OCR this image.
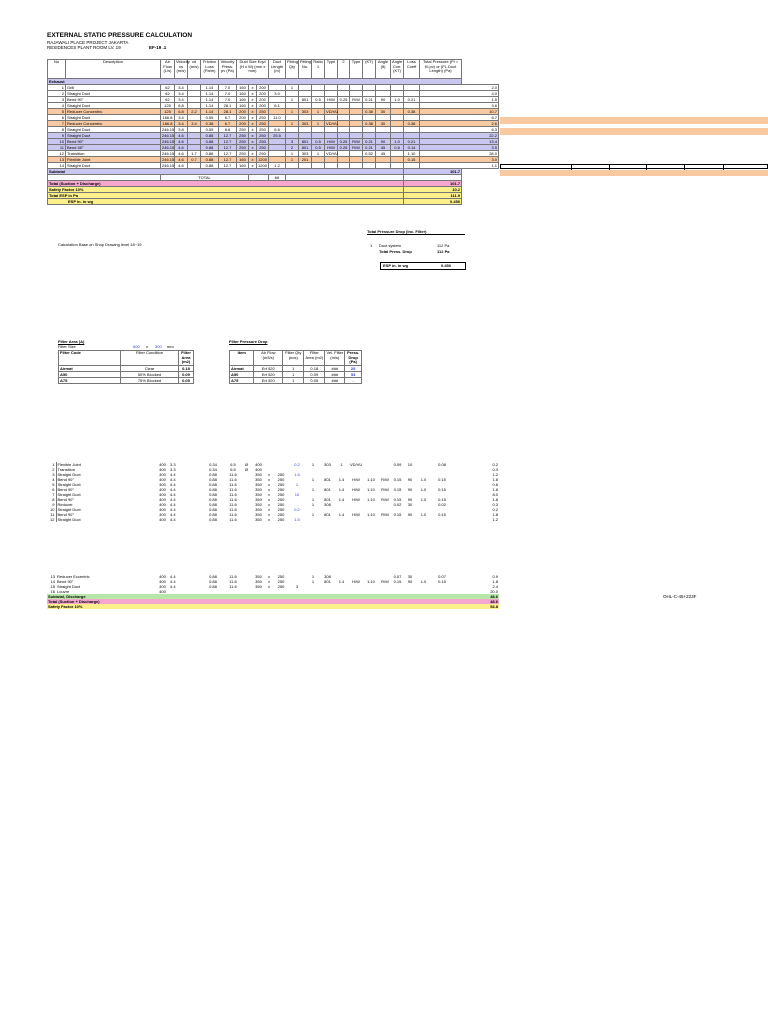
EXTERNAL STATIC PRESSURE CALCULATION
RAJAWALI PLACE PROJECT JAKARTA
RESIDENCES PLANT ROOM LV. 19	EF-19 .1
No	Description	Air Flow (L/s)	Velocity vs (m/s)	vd (m/s)	Friction Loss (Pa/m)	Velocity Press. pv (Pa)	Duct Size Eqvl (H x W) (mm x mm)			Duct Length (m)	Fitting Qty	Fitting No.	Ratio 1	Type	2	Type	(KT)	Angle (θ)	Angle Corr. (KT)	Loss Coeff	Total Pressure (Pl = Kl.pv) or (FL.Duct Length) (Pa)
Exhaust																					
1	Grill	62	3.4		1.14	7.0	160	x	200		1										2.0
2	Straight Duct	62	3.4		1.14	7.0	160	x	200	3.0											4.0
3	Bend 90°	62	3.4		1.14	7.0	160	x	200		1	801	0.5	H/W	0.25	R/W	0.21	90	1.0	0.21	1.5
4	Straight Duct	125	6.8		1.14	28.1	160	x	200	6.1											3.6
5	Reducer Concentric	125	6.8	2.2	1.14	28.1	200	x	250		1	303	1	VD/VU			0.38	30		0.38	10.7
6	Straight Duct	166.8	3.4		0.55	6.7	200	x	250	11.0											6.7
7	Reducer Concentric	166.8	3.4	3.4	0.38	6.7	200	x	250		1	303	1	VD/VU			0.38	30		0.38	2.6
8	Straight Duct	246.15	3.8		0.55	8.6	250	x	250	6.6											6.3
9	Straight Duct	246.15	4.6		0.88	12.7	250	x	250	25.5											22.2
10	Bend 90°	246.15	4.6		0.88	12.7	250	x	250		3	801	0.5	H/W	0.25	R/W	0.21	90	1.0	0.21	13.4
11	Bend 45°	246.15	4.6		0.88	12.7	250	x	250		2	801	0.5	H/W	0.25	R/W	0.21	45	0.6	0.14	3.5
12	Transition	246.15	4.6	1.7	0.88	12.7	250	x	250		1	303	1	VD/VU			0.52	45		1.10	28.0
13	Flexible Joint	246.15	4.6	0.7	0.88	12.7	160	x	1200		1	201								0.15	3.0
14	Straight Duct	246.15	4.6		0.88	12.7	160	x	1200	1.2											1.1
Subtotal																				101.7	
		TOTAL								66											
Total (Suction + Discharge)																				101.7	
Safety Factor 10%																				10.2	
Total ESP in Pa																				111.9	
ESP in. in wg																				0.450	
Calculation Base on Shop Drawing level 18~19
Total Pressure Drop (Inc. Filter)
1 Duct system	112 Pa
Total Press. Drop	112 Pa
ESP in. in wg	0.450
Filter Area (A)
Filter Size	600 x 300 mm
Filter Code	Filter Condition	Filter Area (m2)
Airmat	Clear	0.18
A50	50% Blocked	0.09
A75	75% Blocked	0.05
Filter Pressure Drop
Item	Air Flow (m3/s)	Filter Qty (nos)	Filter Area (m2)	Vel. Filter (m/s)	Press. Drop (Pa)
Airmat	Ert 520	1	0.18	###	25
A50	Ert 520	1	0.09	###	53
A75	Ert 520	1	0.05	###	-
1	Flexible Joint	400	3.3	0.34	6.5	Ø	400			0.2	1	303	1	VD/VU			0.09	10		0.08	0.2
2	Transition	400	3.3	0.34	6.5	Ø	400														0.4
3	Straight Duct	400	4.4	0.88	11.6		350	x	250	1.5											1.2
4	Bend 90°	400	4.4	0.88	11.6		350	x	250		1	801	1.4	H/W	1.10	R/W	0.15	90	1.0	0.15	1.8
5	Straight Duct	400	4.4	0.88	11.6		350	x	250	1											0.8
6	Bend 90°	400	4.4	0.88	11.6		350	x	250		1	801	1.4	H/W	1.10	R/W	0.15	90	1.0	0.15	1.8
7	Straight Duct	400	4.4	0.88	11.6		350	x	250	10											8.0
8	Bend 90°	400	4.4	0.88	11.6		350	x	250		1	801	1.4	H/W	1.10	R/W	0.15	90	1.0	0.15	1.8
9	Reducer	400	4.4	0.88	11.6		350	x	250		1	308					0.02	30		0.02	0.3
10	Straight Duct	400	4.4	0.88	11.6		350	x	250	0.2											0.2
11	Bend 90°	400	4.4	0.88	11.6		350	x	250		1	801	1.4	H/W	1.10	R/W	0.15	90	1.0	0.15	1.8
12	Straight Duct	400	4.4	0.88	11.6		350	x	250	1.5											1.2
13	Reducer Eccentric	400	4.4	0.88	11.6		350	x	250		1	308					0.07	30		0.07	0.9
14	Bend 90°	400	4.4	0.88	11.6		350	x	250		1	801	1.4	H/W	1.10	R/W	0.15	90	1.0	0.15	1.8
15	Straight Duct	400	4.4	0.88	11.6		350	x	250	3											2.4
16	Louvre	400																			20.0
Subtotal, Discharge																					48.6
Total (Suction + Discharge)																					48.6
Safety Factor 10%																					54.8
OHL-C-45+223F
